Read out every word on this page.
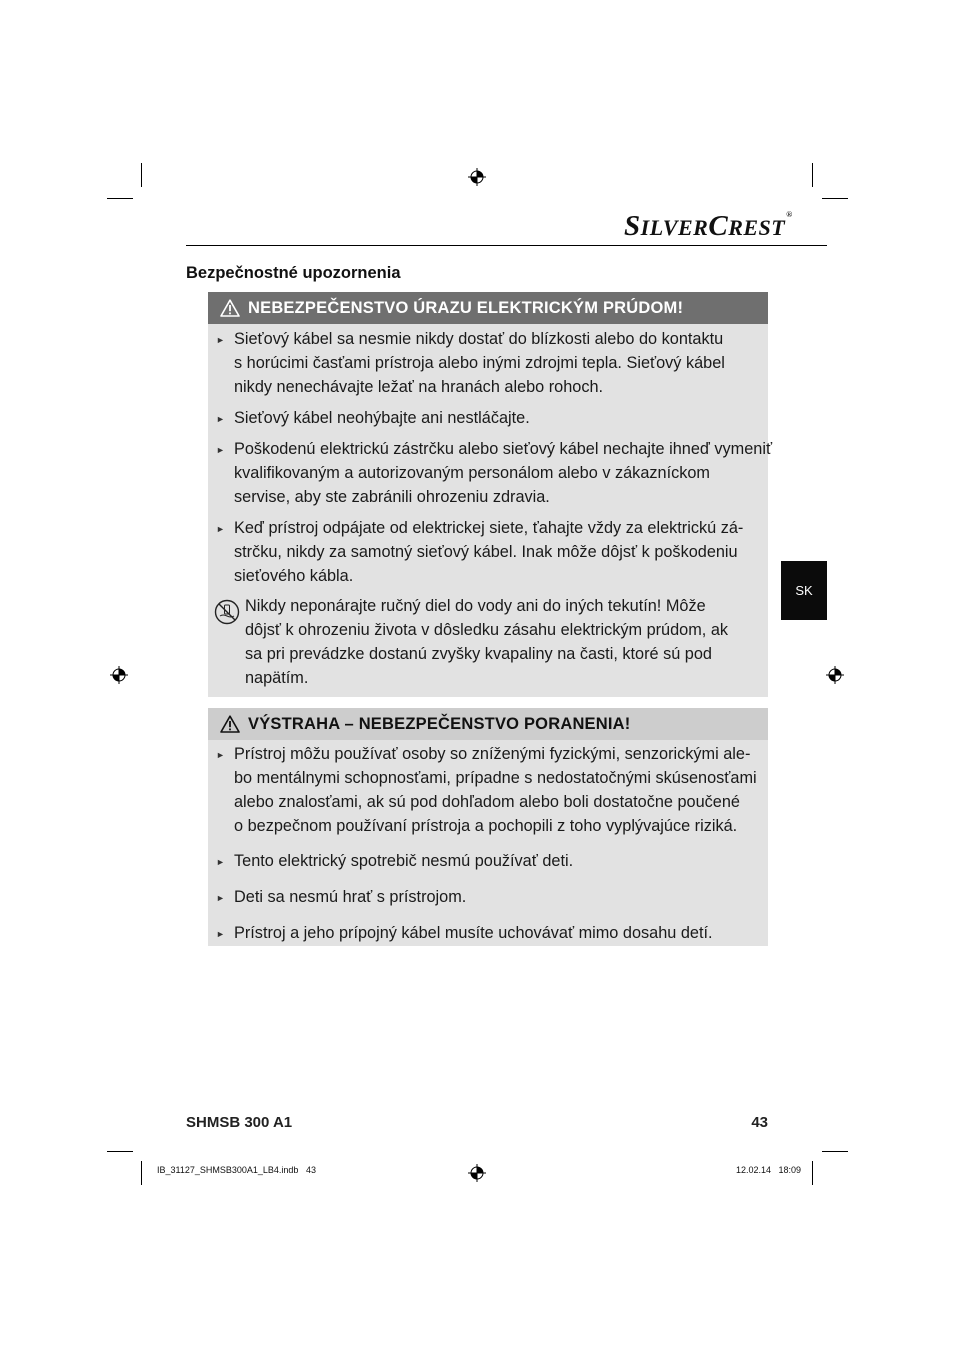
SILVERCREST®
Bezpečnostné upozornenia
NEBEZPEČENSTVO ÚRAZU ELEKTRICKÝM PRÚDOM!
► Sieťový kábel sa nesmie nikdy dostať do blízkosti alebo do kontaktu
s horúcimi časťami prístroja alebo inými zdrojmi tepla. Sieťový kábel
nikdy nenechávajte ležať na hranách alebo rohoch.
► Sieťový kábel neohýbajte ani nestláčajte.
► Poškodenú elektrickú zástrčku alebo sieťový kábel nechajte ihneď vymeniť
kvalifikovaným a autorizovaným personálom alebo v zákazníckom
servise, aby ste zabránili ohrozeniu zdravia.
► Keď prístroj odpájate od elektrickej siete, ťahajte vždy za elektrickú zá-
strčku, nikdy za samotný sieťový kábel. Inak môže dôjsť k poškodeniu
sieťového kábla.
Nikdy neponárajte ručný diel do vody ani do iných tekutín! Môže
dôjsť k ohrozeniu života v dôsledku zásahu elektrickým prúdom, ak
sa pri prevádzke dostanú zvyšky kvapaliny na časti, ktoré sú pod
napätím.
VÝSTRAHA – NEBEZPEČENSTVO PORANENIA!
► Prístroj môžu používať osoby so zníženými fyzickými, senzorickými ale-
bo mentálnymi schopnosťami, prípadne s nedostatočnými skúsenosťami
alebo znalosťami, ak sú pod dohľadom alebo boli dostatočne poučené
o bezpečnom používaní prístroja a pochopili z toho vyplývajúce riziká.
► Tento elektrický spotrebič nesmú používať deti.
► Deti sa nesmú hrať s prístrojom.
► Prístroj a jeho prípojný kábel musíte uchovávať mimo dosahu detí.
SK
SHMSB 300 A1	43
IB_31127_SHMSB300A1_LB4.indb   43	12.02.14   18:09
